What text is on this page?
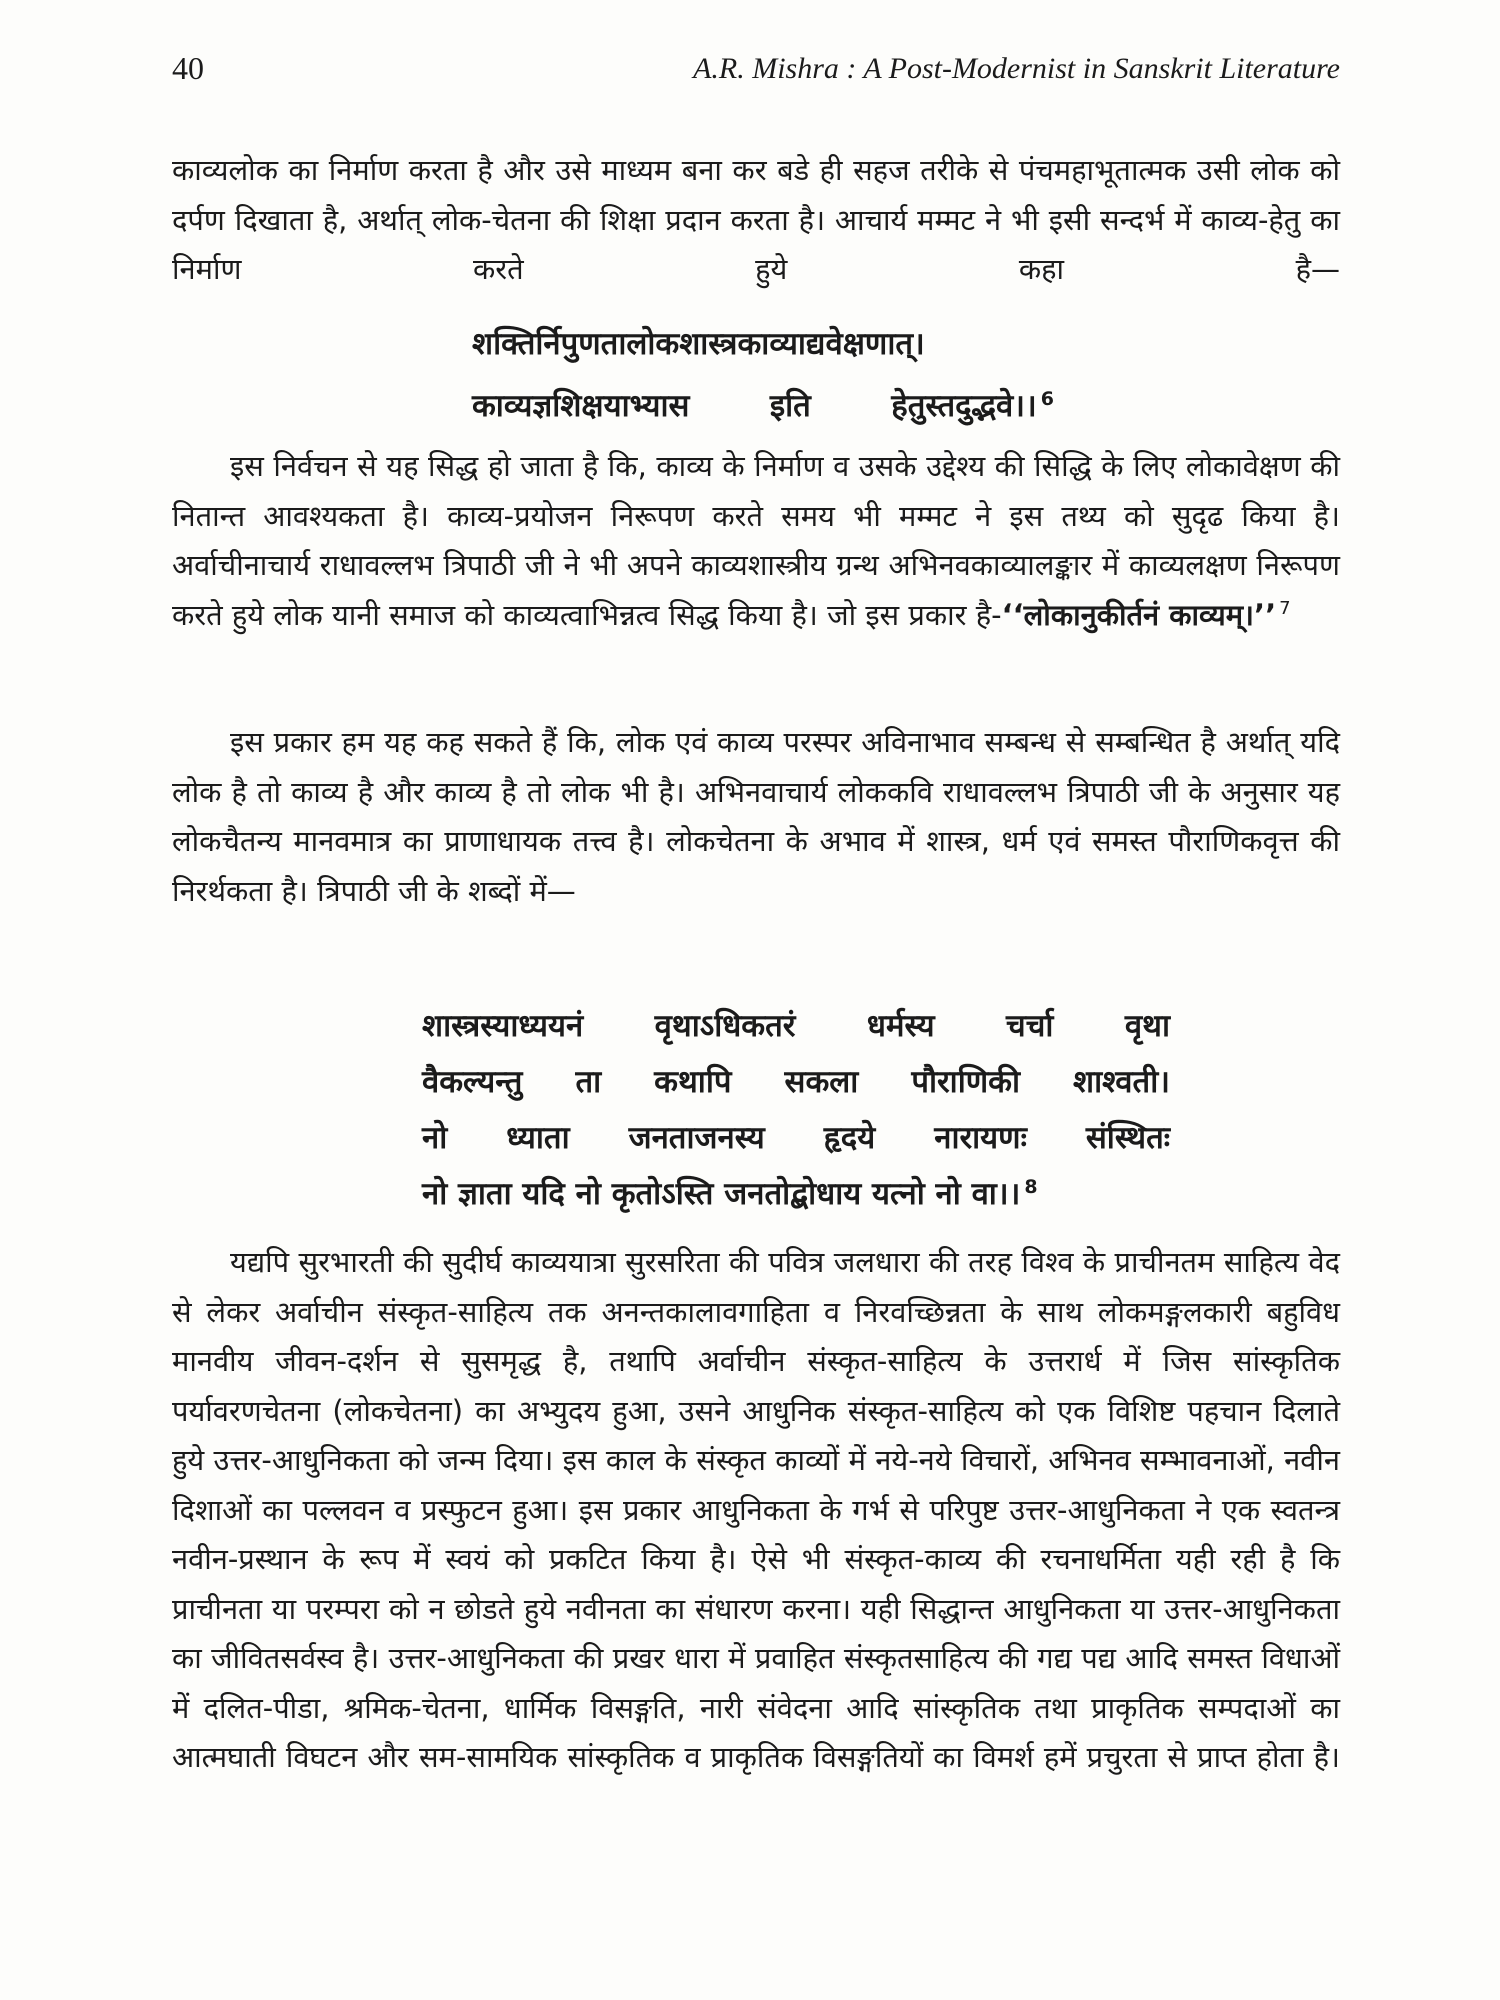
40	A.R. Mishra : A Post-Modernist in Sanskrit Literature

काव्यलोक का निर्माण करता है और उसे माध्यम बना कर बडे ही सहज तरीके से पंचमहाभूतात्मक उसी लोक को दर्पण दिखाता है, अर्थात् लोक-चेतना की शिक्षा प्रदान करता है। आचार्य मम्मट ने भी इसी सन्दर्भ में काव्य-हेतु का निर्माण करते हुये कहा है—

शक्तिर्निपुणतालोकशास्त्रकाव्याद्यवेक्षणात्।
काव्यज्ञशिक्षयाभ्यास इति हेतुस्तदुद्भवे।। $^6$

इस निर्वचन से यह सिद्ध हो जाता है कि, काव्य के निर्माण व उसके उद्देश्य की सिद्धि के लिए लोकावेक्षण की नितान्त आवश्यकता है। काव्य-प्रयोजन निरूपण करते समय भी मम्मट ने इस तथ्य को सुदृढ किया है। अर्वाचीनाचार्य राधावल्लभ त्रिपाठी जी ने भी अपने काव्यशास्त्रीय ग्रन्थ अभिनवकाव्यालङ्कार में काव्यलक्षण निरूपण करते हुये लोक यानी समाज को काव्यत्वाभिन्नत्व सिद्ध किया है। जो इस प्रकार है-‘‘लोकानुकीर्तनं काव्यम्।’’ $^7$

इस प्रकार हम यह कह सकते हैं कि, लोक एवं काव्य परस्पर अविनाभाव सम्बन्ध से सम्बन्धित है अर्थात् यदि लोक है तो काव्य है और काव्य है तो लोक भी है। अभिनवाचार्य लोककवि राधावल्लभ त्रिपाठी जी के अनुसार यह लोकचैतन्य मानवमात्र का प्राणाधायक तत्त्व है। लोकचेतना के अभाव में शास्त्र, धर्म एवं समस्त पौराणिकवृत्त की निरर्थकता है। त्रिपाठी जी के शब्दों में—

शास्त्रस्याध्ययनं वृथाऽधिकतरं धर्मस्य चर्चा वृथा
वैकल्यन्तु ता कथापि सकला पौराणिकी शाश्वती।
नो ध्याता जनताजनस्य हृदये नारायणः संस्थितः
नो ज्ञाता यदि नो कृतोऽस्ति जनतोद्बोधाय यत्नो नो वा।। $^8$

यद्यपि सुरभारती की सुदीर्घ काव्ययात्रा सुरसरिता की पवित्र जलधारा की तरह विश्व के प्राचीनतम साहित्य वेद से लेकर अर्वाचीन संस्कृत-साहित्य तक अनन्तकालावगाहिता व निरवच्छिन्नता के साथ लोकमङ्गलकारी बहुविध मानवीय जीवन-दर्शन से सुसमृद्ध है, तथापि अर्वाचीन संस्कृत-साहित्य के उत्तरार्ध में जिस सांस्कृतिक पर्यावरणचेतना (लोकचेतना) का अभ्युदय हुआ, उसने आधुनिक संस्कृत-साहित्य को एक विशिष्ट पहचान दिलाते हुये उत्तर-आधुनिकता को जन्म दिया। इस काल के संस्कृत काव्यों में नये-नये विचारों, अभिनव सम्भावनाओं, नवीन दिशाओं का पल्लवन व प्रस्फुटन हुआ। इस प्रकार आधुनिकता के गर्भ से परिपुष्ट उत्तर-आधुनिकता ने एक स्वतन्त्र नवीन-प्रस्थान के रूप में स्वयं को प्रकटित किया है। ऐसे भी संस्कृत-काव्य की रचनाधर्मिता यही रही है कि प्राचीनता या परम्परा को न छोडते हुये नवीनता का संधारण करना। यही सिद्धान्त आधुनिकता या उत्तर-आधुनिकता का जीवितसर्वस्व है। उत्तर-आधुनिकता की प्रखर धारा में प्रवाहित संस्कृतसाहित्य की गद्य पद्य आदि समस्त विधाओं में दलित-पीडा, श्रमिक-चेतना, धार्मिक विसङ्गति, नारी संवेदना आदि सांस्कृतिक तथा प्राकृतिक सम्पदाओं का आत्मघाती विघटन और सम-सामयिक सांस्कृतिक व प्राकृतिक विसङ्गतियों का विमर्श हमें प्रचुरता से प्राप्त होता है।
